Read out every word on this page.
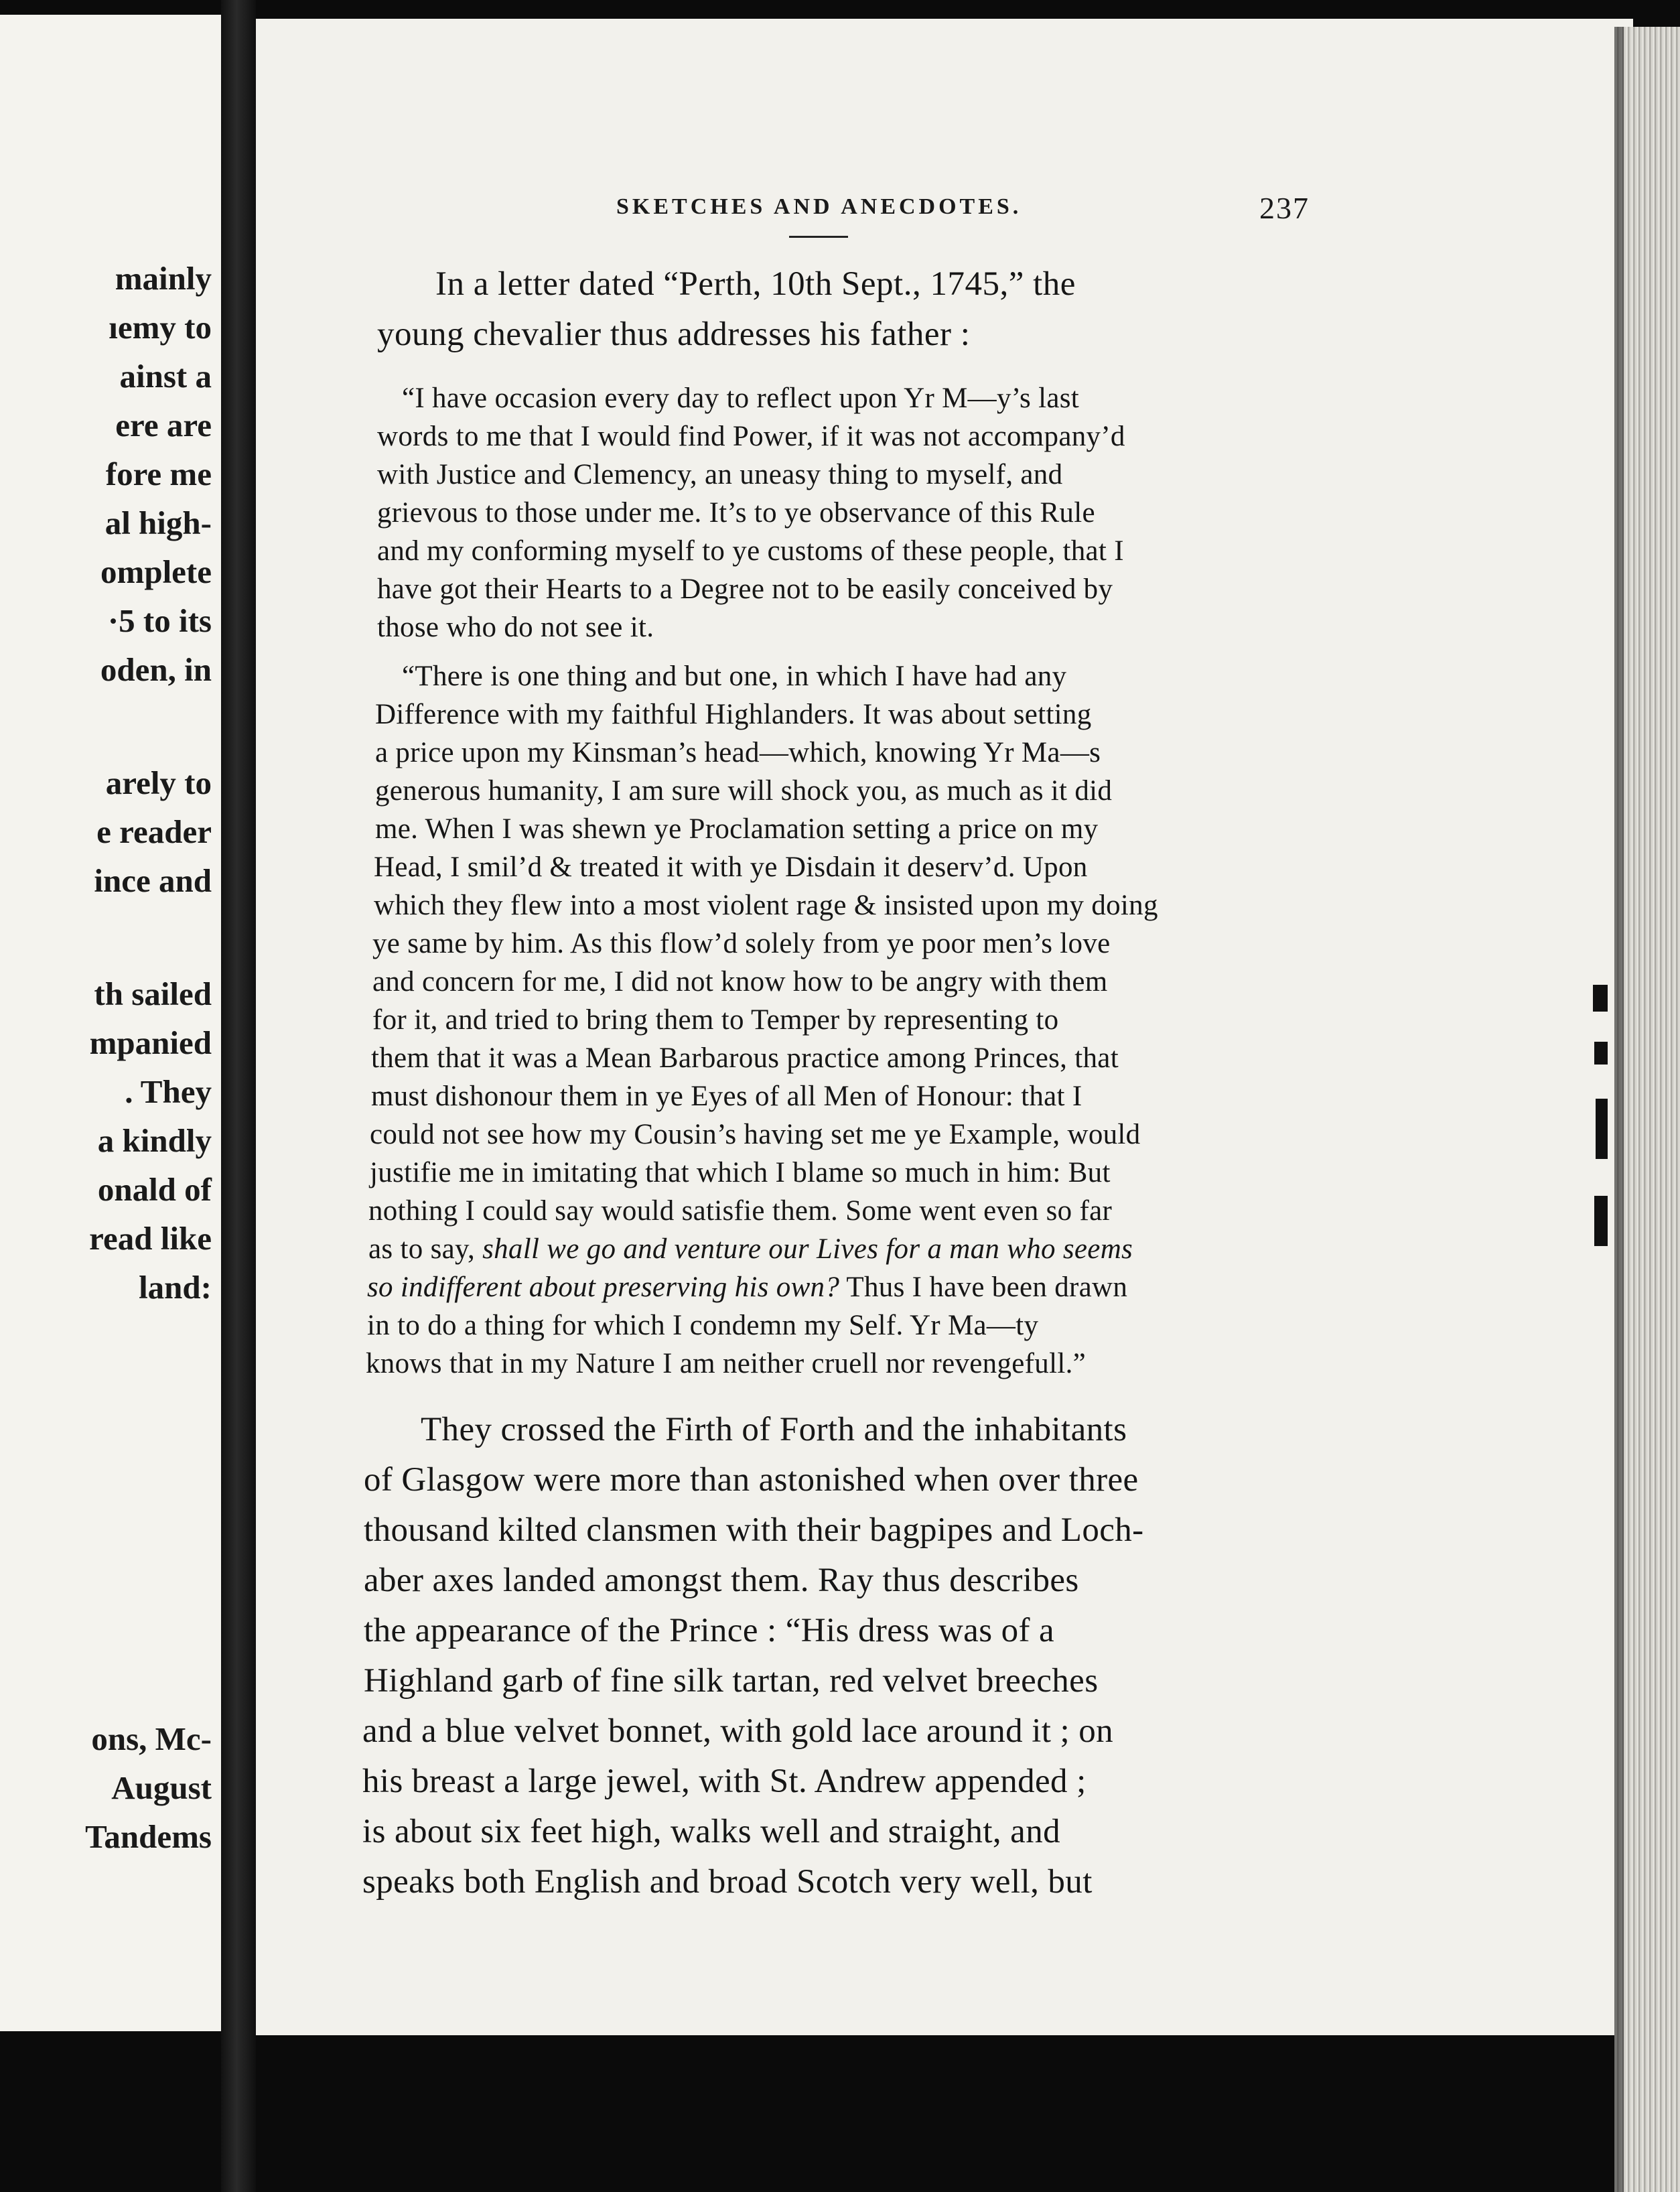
mainly
ıemy to
ainst a
ere are
fore me
al high-
omplete
·5 to its
oden, in
arely to
e reader
ince and
th sailed
mpanied
. They
a kindly
onald of
read like
land:
ons, Mc-
August
Tandems
SKETCHES AND ANECDOTES.	237
In a letter dated “Perth, 10th Sept., 1745,” the
young chevalier thus addresses his father :
“I have occasion every day to reflect upon Yr M—y’s last
words to me that I would find Power, if it was not accompany’d
with Justice and Clemency, an uneasy thing to myself, and
grievous to those under me. It’s to ye observance of this Rule
and my conforming myself to ye customs of these people, that I
have got their Hearts to a Degree not to be easily conceived by
those who do not see it.
“There is one thing and but one, in which I have had any
Difference with my faithful Highlanders. It was about setting
a price upon my Kinsman’s head—which, knowing Yr Ma—s
generous humanity, I am sure will shock you, as much as it did
me. When I was shewn ye Proclamation setting a price on my
Head, I smil’d & treated it with ye Disdain it deserv’d. Upon
which they flew into a most violent rage & insisted upon my doing
ye same by him. As this flow’d solely from ye poor men’s love
and concern for me, I did not know how to be angry with them
for it, and tried to bring them to Temper by representing to
them that it was a Mean Barbarous practice among Princes, that
must dishonour them in ye Eyes of all Men of Honour: that I
could not see how my Cousin’s having set me ye Example, would
justifie me in imitating that which I blame so much in him: But
nothing I could say would satisfie them. Some went even so far
as to say, shall we go and venture our Lives for a man who seems
so indifferent about preserving his own? Thus I have been drawn
in to do a thing for which I condemn my Self. Yr Ma—ty
knows that in my Nature I am neither cruell nor revengefull.”
They crossed the Firth of Forth and the inhabitants
of Glasgow were more than astonished when over three
thousand kilted clansmen with their bagpipes and Loch-
aber axes landed amongst them. Ray thus describes
the appearance of the Prince : “His dress was of a
Highland garb of fine silk tartan, red velvet breeches
and a blue velvet bonnet, with gold lace around it ; on
his breast a large jewel, with St. Andrew appended ;
is about six feet high, walks well and straight, and
speaks both English and broad Scotch very well, but
